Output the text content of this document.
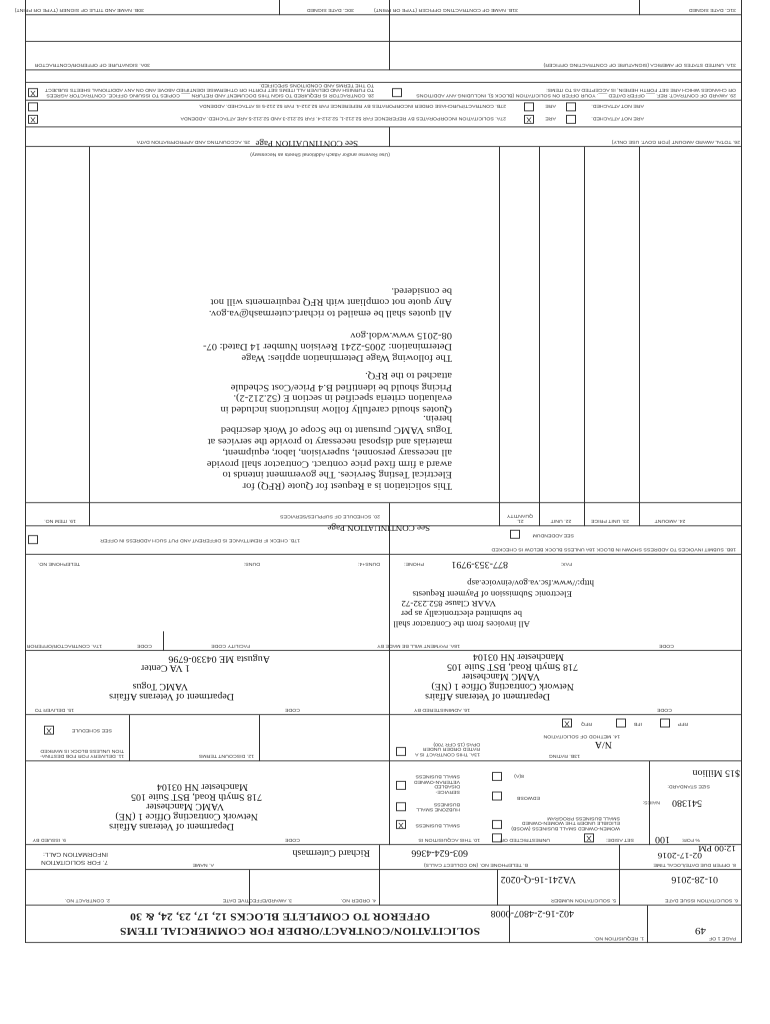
PAGE 1 OF
49
1. REQUISITION NO.
402-16-2-4807-0008
SOLICITATION/CONTRACT/ORDER FOR COMMERCIAL ITEMS
OFFEROR TO COMPLETE BLOCKS 12, 17, 23, 24, & 30
2. CONTRACT NO.	3. AWARD/EFFECTIVE DATE	4. ORDER NO.	5. SOLICITATION NUMBER
VA241-16-Q-0202
6. SOLICITATION ISSUE DATE
01-28-2016
7. FOR SOLICITATION
INFORMATION CALL:
A. NAME
Richard Cutermash
B. TELEPHONE NO. (NO COLLECT CALLS)
603-624-4366
8. OFFER DUE DATE/LOCAL TIME
02-17-2016
12:00 PM
9. ISSUED BY	CODE
Department of Veterans Affairs
Network Contracting Office 1 (NE)
VAMC Manchester
718 Smyth Road, BST Suite 105
Manchester NH 03104
10. THIS ACQUISITION IS	UNRESTRICTED OR	X	SET ASIDE: 100 % FOR:
X	SMALL BUSINESS
HUBZONE SMALL BUSINESS
SERVICE-DISABLED VETERAN-OWNED SMALL BUSINESS
WOMEN-OWNED SMALL BUSINESS (WOSB) ELIGIBLE UNDER THE WOMEN-OWNED SMALL BUSINESS PROGRAM
EDWOSB
8(A)
NAICS: 541380
SIZE STANDARD:
$15 Million
11. DELIVERY FOR FOB DESTINA-TION UNLESS BLOCK IS MARKED
X	SEE SCHEDULE
12. DISCOUNT TERMS	13A. THIS CONTRACT IS A RATED ORDER UNDER DPAS (15 CFR 700)
13B. RATING
N/A
14. METHOD OF SOLICITATION
X	RFQ	IFB	RFP
15. DELIVER TO	CODE
Department of Veterans Affairs
VAMC Togus
1 VA Center
Augusta ME 04330-6796
16. ADMINISTERED BY	CODE
Department of Veterans Affairs
Network Contracting Office 1 (NE)
VAMC Manchester
718 Smyth Road, BST Suite 105
Manchester NH 03104
17A. CONTRACTOR/OFFEROR	CODE	FACILITY CODE
TELEPHONE NO.	DUNS:	DUNS+4:
17B. CHECK IF REMITTANCE IS DIFFERENT AND PUT SUCH ADDRESS IN OFFER
18A. PAYMENT WILL BE MADE BY	CODE
All invoices from the Contractor shall
be submitted electronically as per
VAAR Clause 852.232-72
Electronic Submission of Payment Requests
http://www.fsc.va.gov/einvoice.asp
PHONE:	877-353-9791	FAX:
18B. SUBMIT INVOICES TO ADDRESS SHOWN IN BLOCK 18A UNLESS BLOCK BELOW IS CHECKED
SEE ADDENDUM
19. ITEM NO.
20. SCHEDULE OF SUPPLIES/SERVICES
21. QUANTITY
22. UNIT	23. UNIT PRICE	24. AMOUNT
See CONTINUATION Page
This solicitation is a Request for Quote (RFQ) for Electrical Testing Services. The government intends to award a firm fixed price contract. Contractor shall provide all necessary personnel, supervision, labor, equipment, materials and disposal necessary to provide the services at Togus VAMC pursuant to the Scope of Work described herein.
Quotes should carefully follow instructions included in evaluation criteria specified in section E (52.212-2). Pricing should be identified B.4 Price/Cost Schedule attached to the RFQ.
The following Wage Determination applies: Wage Determination: 2005-2241 Revision Number 14 Dated: 07-08-2015 www.wdol.gov
All quotes shall be emailed to richard.cutermash@va.gov. Any quote not compliant with RFQ requirements will not be considered.
(Use Reverse and/or Attach Additional Sheets as Necessary)
25. ACCOUNTING AND APPROPRIATION DATA See CONTINUATION Page	26. TOTAL AWARD AMOUNT (FOR GOVT. USE ONLY)
X	27A. SOLICITATION INCORPORATES BY REFERENCE FAR 52.212-1, 52.212-4. FAR 52.212-3 AND 52.212-5 ARE ATTACHED. ADDENDA	X	ARE	ARE NOT ATTACHED.
27B. CONTRACT/PURCHASE ORDER INCORPORATES BY REFERENCE FAR 52.212-4. FAR 52.212-5 IS ATTACHED. ADDENDA	ARE	ARE NOT ATTACHED.
X	28. CONTRACTOR IS REQUIRED TO SIGN THIS DOCUMENT AND RETURN ___ COPIES TO ISSUING OFFICE. CONTRACTOR AGREES TO FURNISH AND DELIVER ALL ITEMS SET FORTH OR OTHERWISE IDENTIFIED ABOVE AND ON ANY ADDITIONAL SHEETS SUBJECT TO THE TERMS AND CONDITIONS SPECIFIED.
29. AWARD OF CONTRACT: REF. ___ OFFER DATED ___. YOUR OFFER ON SOLICITATION (BLOCK 5), INCLUDING ANY ADDITIONS OR CHANGES WHICH ARE SET FORTH HEREIN, IS ACCEPTED AS TO ITEMS:
30A. SIGNATURE OF OFFEROR/CONTRACTOR	31A. UNITED STATES OF AMERICA (SIGNATURE OF CONTRACTING OFFICER)
30B. NAME AND TITLE OF SIGNER (TYPE OR PRINT)	30C. DATE SIGNED	31B. NAME OF CONTRACTING OFFICER (TYPE OR PRINT)	31C. DATE SIGNED
